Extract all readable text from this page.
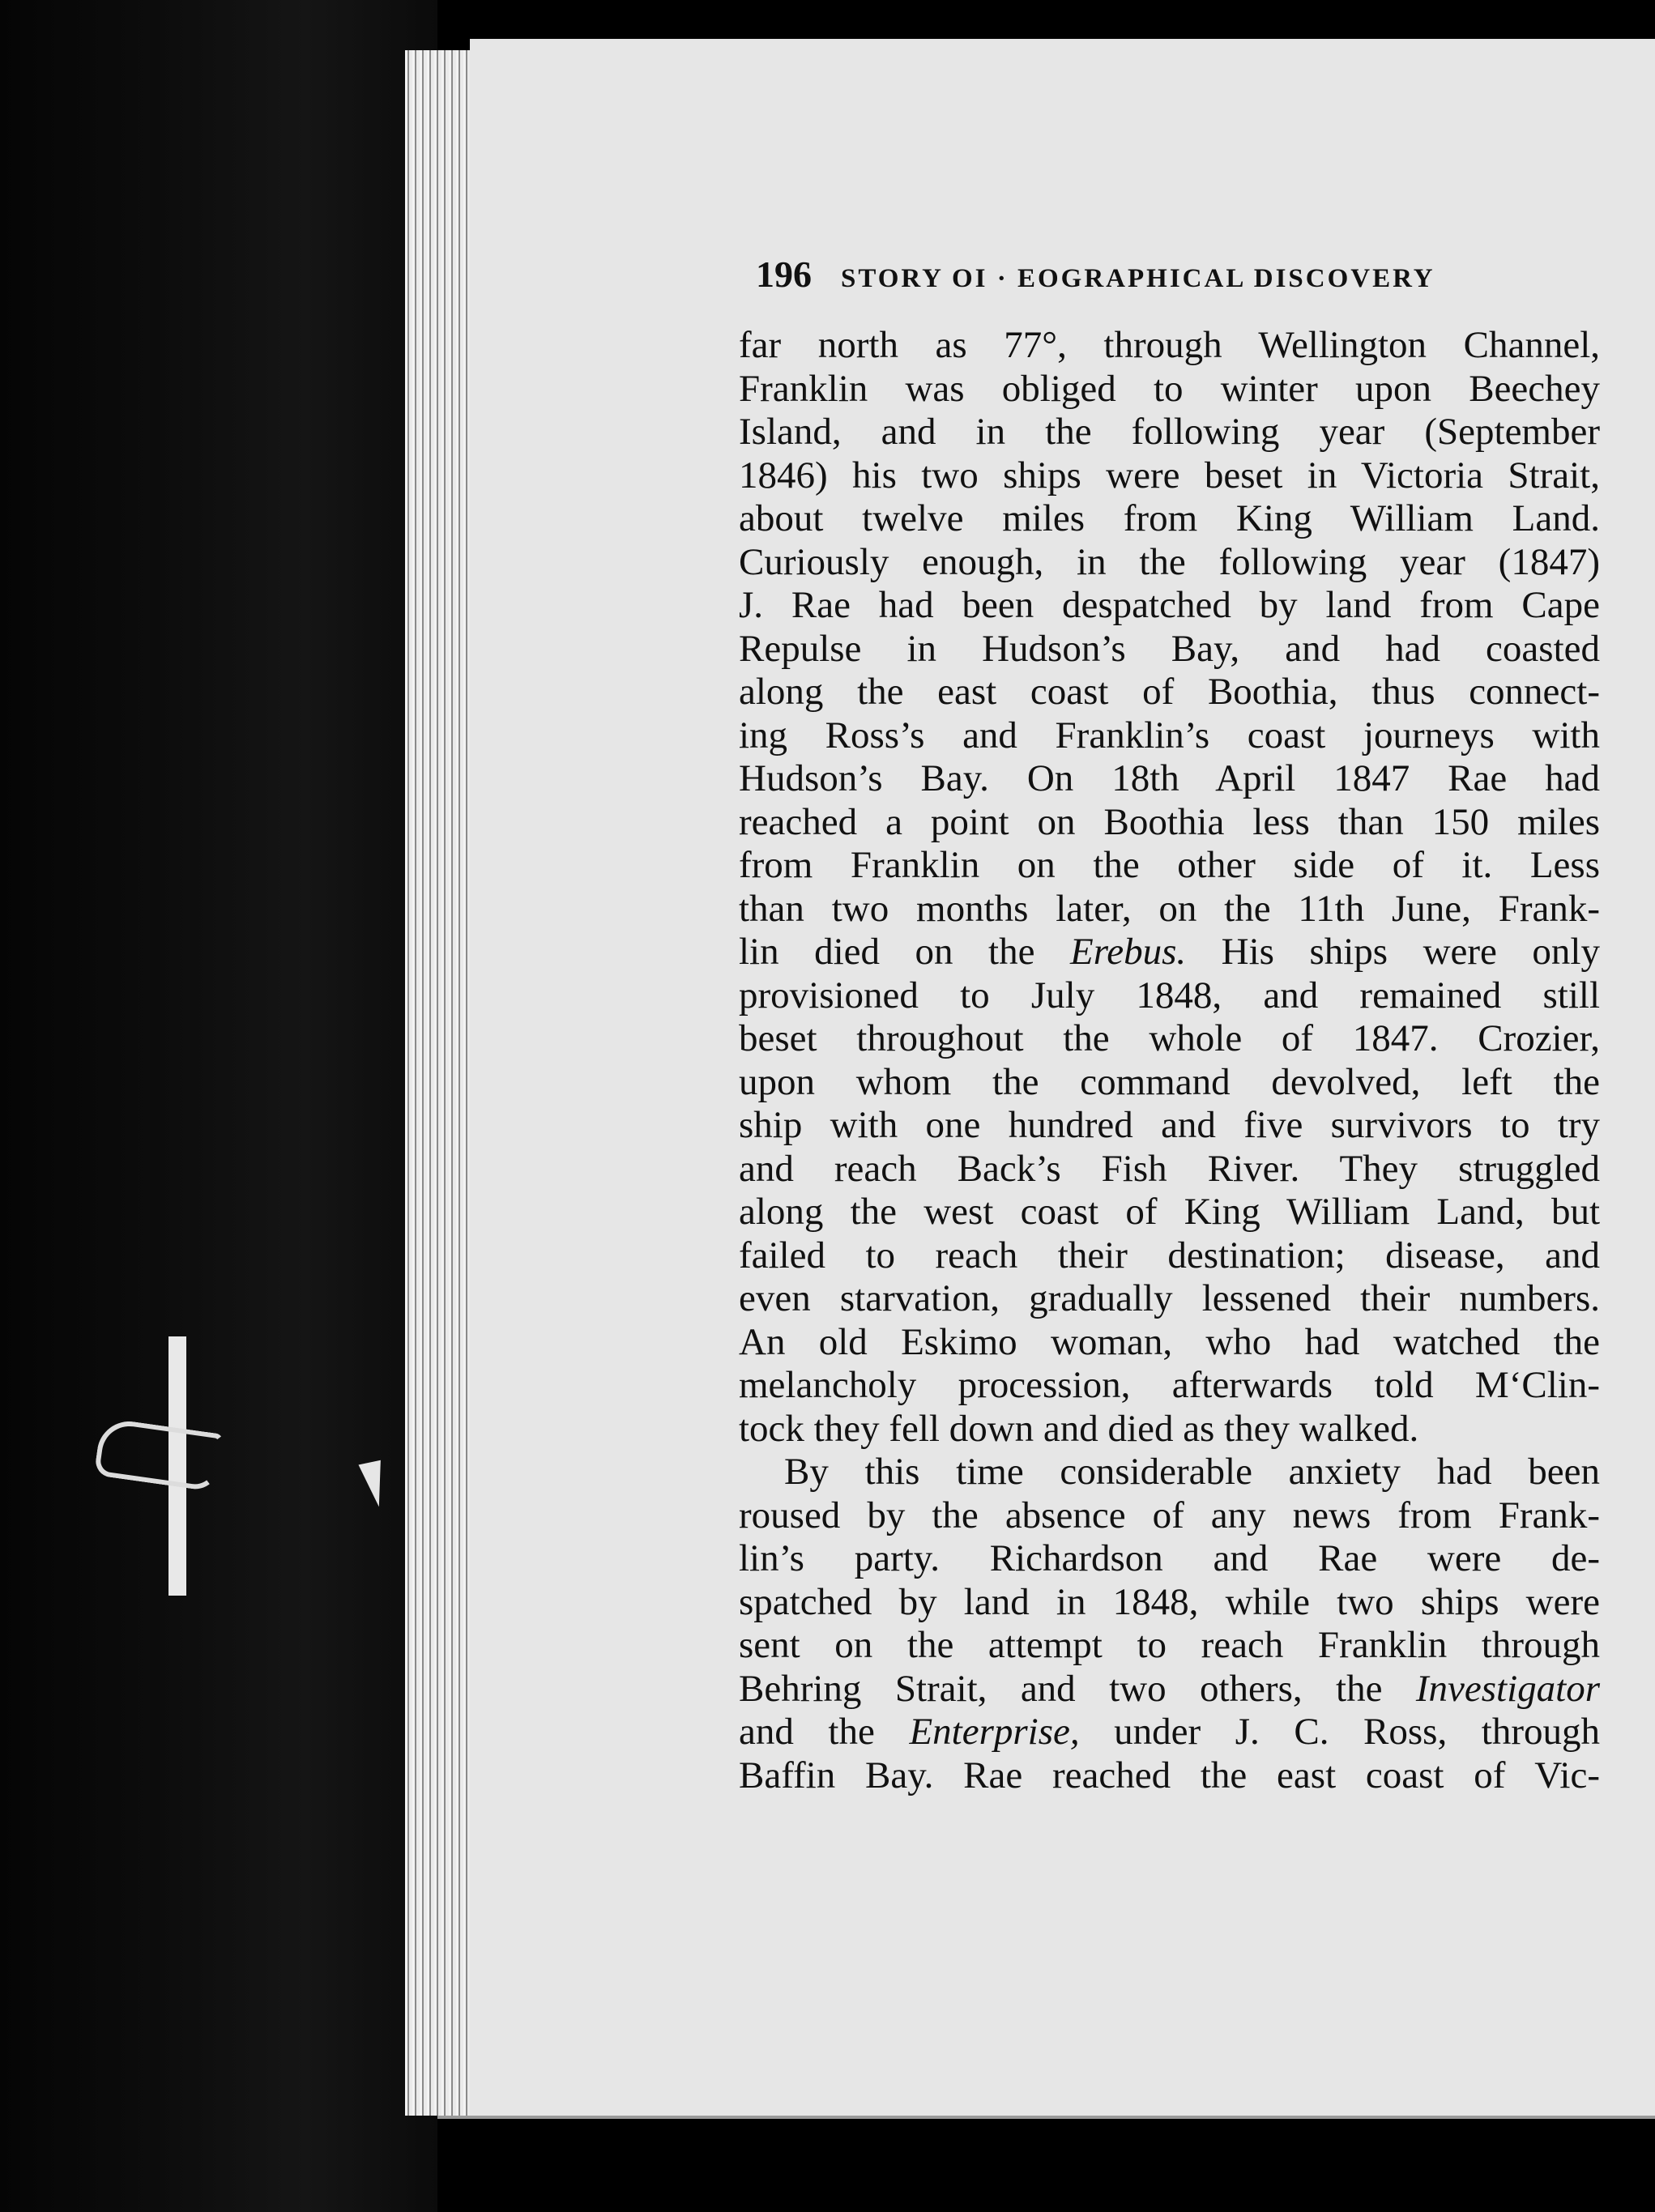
196 STORY OI · EOGRAPHICAL DISCOVERY
far north as 77°, through Wellington Channel,
Franklin was obliged to winter upon Beechey
Island, and in the following year (September
1846) his two ships were beset in Victoria Strait,
about twelve miles from King William Land.
Curiously enough, in the following year (1847)
J. Rae had been despatched by land from Cape
Repulse in Hudson’s Bay, and had coasted
along the east coast of Boothia, thus connect-
ing Ross’s and Franklin’s coast journeys with
Hudson’s Bay. On 18th April 1847 Rae had
reached a point on Boothia less than 150 miles
from Franklin on the other side of it. Less
than two months later, on the 11th June, Frank-
lin died on the Erebus. His ships were only
provisioned to July 1848, and remained still
beset throughout the whole of 1847. Crozier,
upon whom the command devolved, left the
ship with one hundred and five survivors to try
and reach Back’s Fish River. They struggled
along the west coast of King William Land, but
failed to reach their destination; disease, and
even starvation, gradually lessened their numbers.
An old Eskimo woman, who had watched the
melancholy procession, afterwards told M‘Clin-
tock they fell down and died as they walked.
By this time considerable anxiety had been
roused by the absence of any news from Frank-
lin’s party. Richardson and Rae were de-
spatched by land in 1848, while two ships were
sent on the attempt to reach Franklin through
Behring Strait, and two others, the Investigator
and the Enterprise, under J. C. Ross, through
Baffin Bay. Rae reached the east coast of Vic-
